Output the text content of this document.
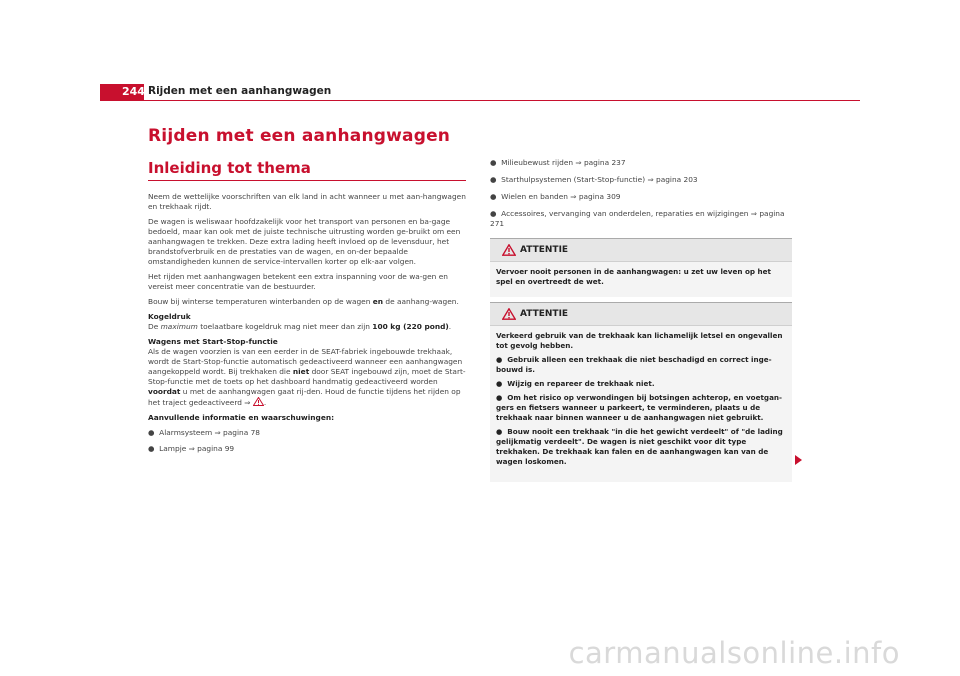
244 Rijden met een aanhangwagen
Rijden met een aanhangwagen
Inleiding tot thema

Neem de wettelijke voorschriften van elk land in acht wanneer u met aan-hangwagen en trekhaak rijdt.

De wagen is weliswaar hoofdzakelijk voor het transport van personen en ba-gage bedoeld, maar kan ook met de juiste technische uitrusting worden ge-bruikt om een aanhangwagen te trekken. Deze extra lading heeft invloed op de levensduur, het brandstofverbruik en de prestaties van de wagen, en on-der bepaalde omstandigheden kunnen de service-intervallen korter op elk-aar volgen.

Het rijden met aanhangwagen betekent een extra inspanning voor de wa-gen en vereist meer concentratie van de bestuurder.

Bouw bij winterse temperaturen winterbanden op de wagen en de aanhang-wagen.

Kogeldruk

De maximum toelaatbare kogeldruk mag niet meer dan zijn 100 kg (220 pond).

Wagens met Start-Stop-functie

Als de wagen voorzien is van een eerder in de SEAT-fabriek ingebouwde trekhaak, wordt de Start-Stop-functie automatisch gedeactiveerd wanneer een aanhangwagen aangekoppeld wordt. Bij trekhaken die niet door SEAT ingebouwd zijn, moet de Start-Stop-functie met de toets op het dashboard handmatig gedeactiveerd worden voordat u met de aanhangwagen gaat rij-den. Houd de functie tijdens het rijden op het traject gedeactiveerd ⇒ .

Aanvullende informatie en waarschuwingen:

●  Alarmsysteem ⇒ pagina 78
●  Lampje ⇒ pagina 99
●  Milieubewust rijden ⇒ pagina 237
●  Starthulpsystemen (Start-Stop-functie) ⇒ pagina 203
●  Wielen en banden ⇒ pagina 309
●  Accessoires, vervanging van onderdelen, reparaties en wijzigingen ⇒ pagina 271
ATTENTIE

Vervoer nooit personen in de aanhangwagen: u zet uw leven op het spel en overtreedt de wet.

ATTENTIE

Verkeerd gebruik van de trekhaak kan lichamelijk letsel en ongevallen tot gevolg hebben.

●  Gebruik alleen een trekhaak die niet beschadigd en correct inge-bouwd is.

●  Wijzig en repareer de trekhaak niet.

●  Om het risico op verwondingen bij botsingen achterop, en voetgan-gers en fietsers wanneer u parkeert, te verminderen, plaats u de trekhaak naar binnen wanneer u de aanhangwagen niet gebruikt.

●  Bouw nooit een trekhaak "in die het gewicht verdeelt" of "de lading gelijkmatig verdeelt". De wagen is niet geschikt voor dit type trekhaken. De trekhaak kan falen en de aanhangwagen kan van de wagen loskomen.

carmanualsonline.info
